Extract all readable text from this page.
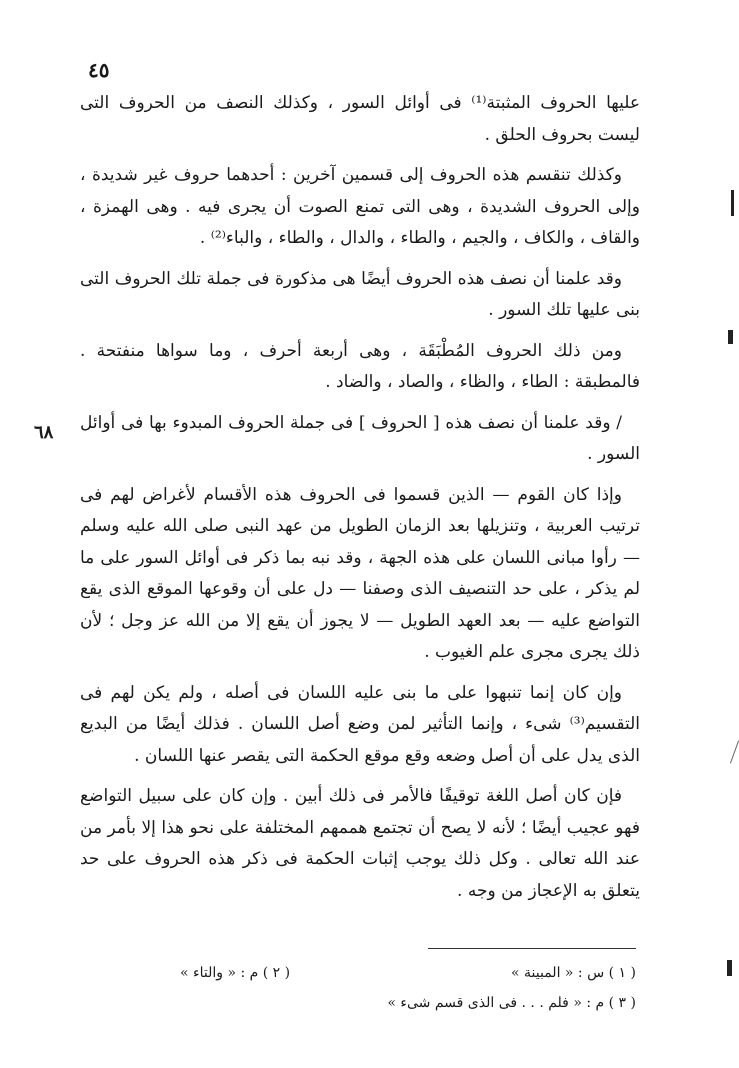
٤٥

عليها الحروف المثبتة⁽¹⁾ فى أوائل السور ، وكذلك النصف من الحروف التى ليست بحروف الحلق .

وكذلك تنقسم هذه الحروف إلى قسمين آخرين : أحدهما حروف غير شديدة ، وإلى الحروف الشديدة ، وهى التى تمنع الصوت أن يجرى فيه . وهى الهمزة ، والقاف ، والكاف ، والجيم ، والطاء ، والدال ، والطاء ، والباء⁽²⁾ .

وقد علمنا أن نصف هذه الحروف أيضًا هى مذكورة فى جملة تلك الحروف التى بنى عليها تلك السور .

ومن ذلك الحروف المُطْبَقَة ، وهى أربعة أحرف ، وما سواها منفتحة . فالمطبقة : الطاء ، والظاء ، والصاد ، والضاد .

/ وقد علمنا أن نصف هذه [ الحروف ] فى جملة الحروف المبدوء بها فى أوائل السور .

وإذا كان القوم — الذين قسموا فى الحروف هذه الأقسام لأغراض لهم فى ترتيب العربية ، وتنزيلها بعد الزمان الطويل من عهد النبى صلى الله عليه وسلم — رأوا مبانى اللسان على هذه الجهة ، وقد نبه بما ذكر فى أوائل السور على ما لم يذكر ، على حد التنصيف الذى وصفنا — دل على أن وقوعها الموقع الذى يقع التواضع عليه — بعد العهد الطويل — لا يجوز أن يقع إلا من الله عز وجل ؛ لأن ذلك يجرى مجرى علم الغيوب .

وإن كان إنما تنبهوا على ما بنى عليه اللسان فى أصله ، ولم يكن لهم فى التقسيم⁽³⁾ شىء ، وإنما التأثير لمن وضع أصل اللسان . فذلك أيضًا من البديع الذى يدل على أن أصل وضعه وقع موقع الحكمة التى يقصر عنها اللسان .

فإن كان أصل اللغة توقيفًا فالأمر فى ذلك أبين . وإن كان على سبيل التواضع فهو عجيب أيضًا ؛ لأنه لا يصح أن تجتمع هممهم المختلفة على نحو هذا إلا بأمر من عند الله تعالى . وكل ذلك يوجب إثبات الحكمة فى ذكر هذه الحروف على حد يتعلق به الإعجاز من وجه .

٦٨
( ١ ) س : « المبينة »
( ٢ ) م : « والتاء »
( ٣ ) م : « فلم . . . فى الذى قسم شىء »
